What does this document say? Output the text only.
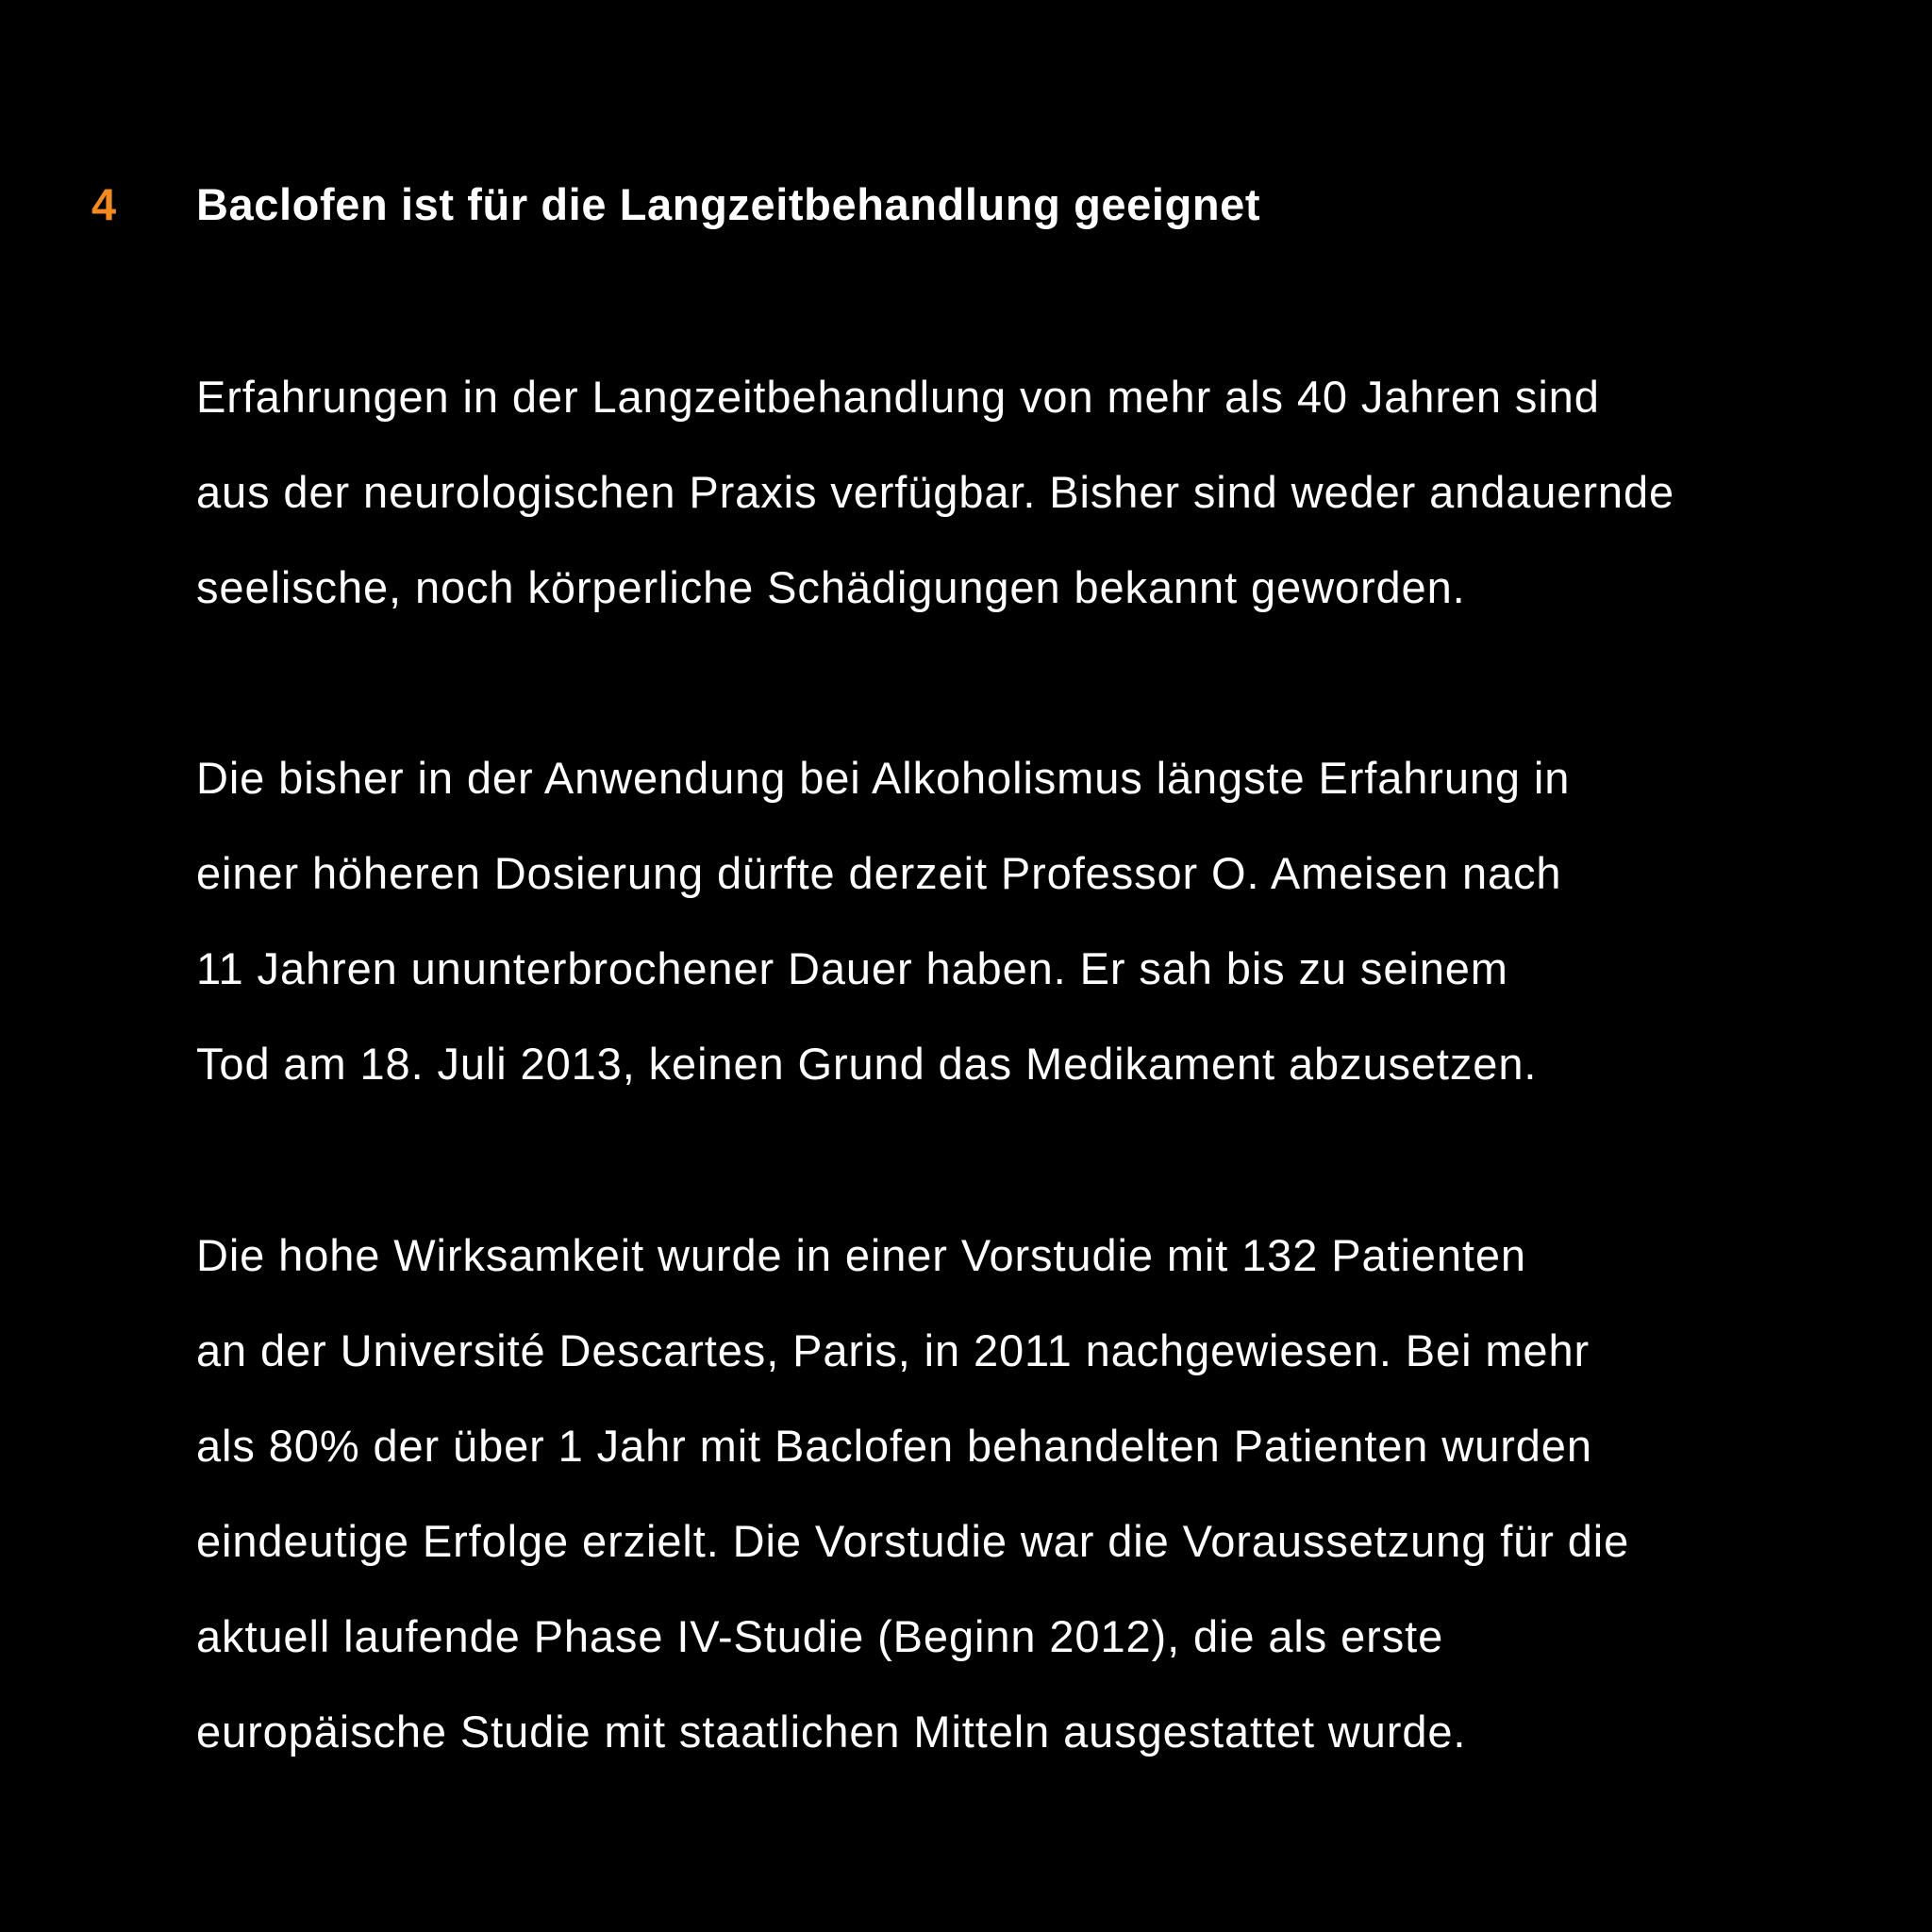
4 Baclofen ist für die Langzeitbehandlung geeignet
Erfahrungen in der Langzeitbehandlung von mehr als 40 Jahren sind
aus der neurologischen Praxis verfügbar. Bisher sind weder andauernde
seelische, noch körperliche Schädigungen bekannt geworden.
Die bisher in der Anwendung bei Alkoholismus längste Erfahrung in
einer höheren Dosierung dürfte derzeit Professor O. Ameisen nach
11 Jahren ununterbrochener Dauer haben. Er sah bis zu seinem
Tod am 18. Juli 2013, keinen Grund das Medikament abzusetzen.
Die hohe Wirksamkeit wurde in einer Vorstudie mit 132 Patienten
an der Université Descartes, Paris, in 2011 nachgewiesen. Bei mehr
als 80% der über 1 Jahr mit Baclofen behandelten Patienten wurden
eindeutige Erfolge erzielt. Die Vorstudie war die Voraussetzung für die
aktuell laufende Phase IV-Studie (Beginn 2012), die als erste
europäische Studie mit staatlichen Mitteln ausgestattet wurde.
